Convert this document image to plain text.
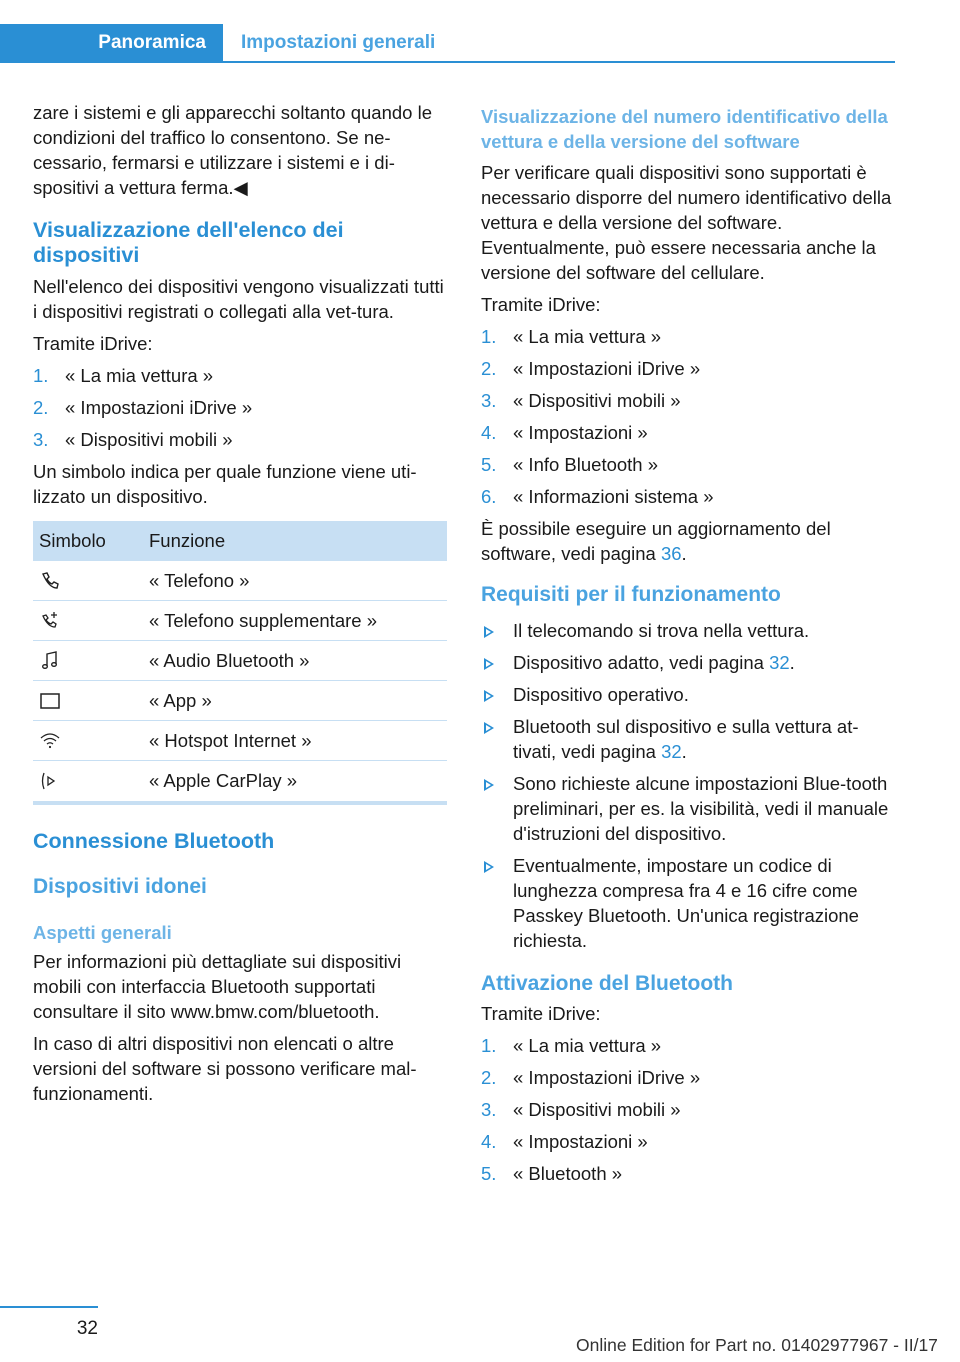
Panoramica	Impostazioni generali

zare i sistemi e gli apparecchi soltanto quando le condizioni del traffico lo consentono. Se ne‐cessario, fermarsi e utilizzare i sistemi e i di‐spositivi a vettura ferma.◀

Visualizzazione dell'elenco dei dispositivi

Nell'elenco dei dispositivi vengono visualizzati tutti i dispositivi registrati o collegati alla vet‐tura.

Tramite iDrive:

1. « La mia vettura »
2. « Impostazioni iDrive »
3. « Dispositivi mobili »

Un simbolo indica per quale funzione viene uti‐lizzato un dispositivo.

Simbolo	Funzione

	« Telefono »

	« Telefono supplementare »

	« Audio Bluetooth »

	« App »

	« Hotspot Internet »

	« Apple CarPlay »
Connessione Bluetooth
Dispositivi idonei
Aspetti generali

Per informazioni più dettagliate sui dispositivi mobili con interfaccia Bluetooth supportati consultare il sito www.bmw.com/bluetooth.

In caso di altri dispositivi non elencati o altre versioni del software si possono verificare mal‐funzionamenti.

Visualizzazione del numero identificativo della vettura e della versione del software

Per verificare quali dispositivi sono supportati è necessario disporre del numero identificativo della vettura e della versione del software. Eventualmente, può essere necessaria anche la versione del software del cellulare.

Tramite iDrive:

1. « La mia vettura »
2. « Impostazioni iDrive »
3. « Dispositivi mobili »
4. « Impostazioni »
5. « Info Bluetooth »
6. « Informazioni sistema »

È possibile eseguire un aggiornamento del software, vedi pagina 36.

Requisiti per il funzionamento
Il telecomando si trova nella vettura.
Dispositivo adatto, vedi pagina 32.
Dispositivo operativo.
Bluetooth sul dispositivo e sulla vettura at‐tivati, vedi pagina 32.
Sono richieste alcune impostazioni Blue‐tooth preliminari, per es. la visibilità, vedi il manuale d'istruzioni del dispositivo.
Eventualmente, impostare un codice di lunghezza compresa fra 4 e 16 cifre come Passkey Bluetooth. Un'unica registrazione richiesta.
Attivazione del Bluetooth

Tramite iDrive:

1. « La mia vettura »
2. « Impostazioni iDrive »
3. « Dispositivi mobili »
4. « Impostazioni »
5. « Bluetooth »
32
Online Edition for Part no. 01402977967 - II/17
